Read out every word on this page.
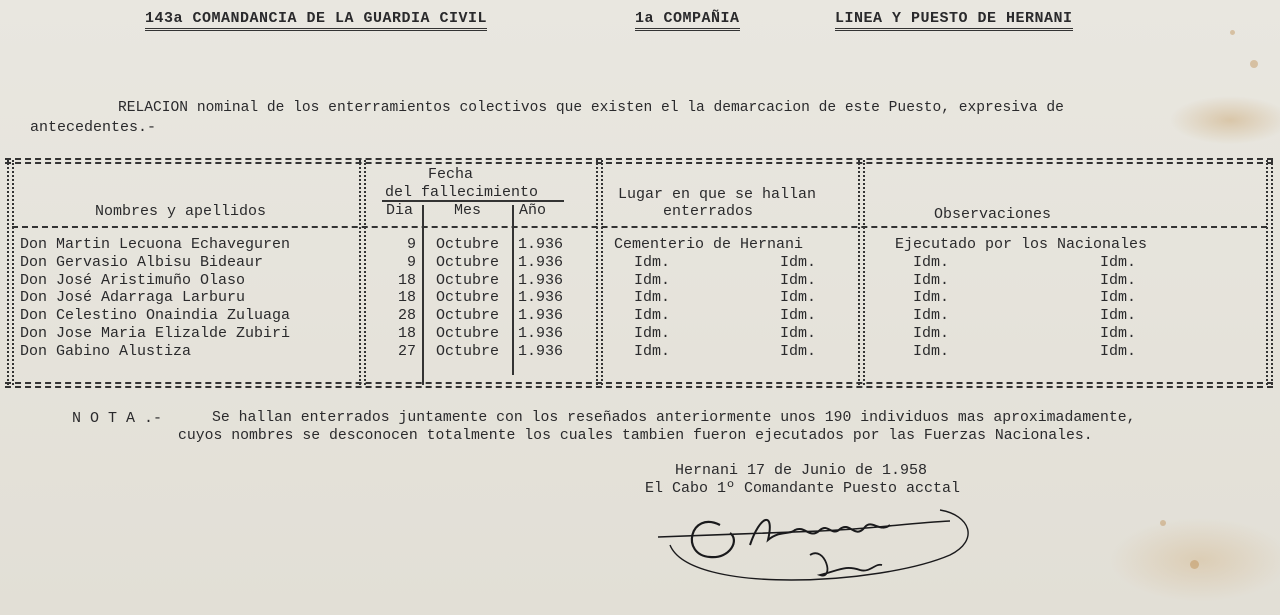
143a COMANDANCIA DE LA GUARDIA CIVIL	1a COMPAÑIA	LINEA Y PUESTO DE HERNANI
RELACION nominal de los enterramientos colectivos que existen el la demarcacion de este Puesto, expresiva de
antecedentes.-
Nombres y apellidos
Fecha
del fallecimiento
Dia	Mes	Año
Lugar en que se hallan
enterrados	Observaciones
Don Martin Lecuona Echaveguren	9 Octubre 1.936	Cementerio de Hernani	Ejecutado por los Nacionales
Don Gervasio Albisu Bideaur	9 Octubre 1.936	Idm.	Idm.	Idm.	Idm.
Don José Aristimuño Olaso	18 Octubre 1.936	Idm.	Idm.	Idm.	Idm.
Don José Adarraga Larburu	18 Octubre 1.936	Idm.	Idm.	Idm.	Idm.
Don Celestino Onaindia Zuluaga	28 Octubre 1.936	Idm.	Idm.	Idm.	Idm.
Don Jose Maria Elizalde Zubiri	18 Octubre 1.936	Idm.	Idm.	Idm.	Idm.
Don Gabino Alustiza	27 Octubre 1.936	Idm.	Idm.	Idm.	Idm.
N O T A .-	Se hallan enterrados juntamente con los reseñados anteriormente unos 190 individuos mas aproximadamente,
cuyos nombres se desconocen totalmente los cuales tambien fueron ejecutados por las Fuerzas Nacionales.
Hernani 17 de Junio de 1.958
El Cabo 1º Comandante Puesto acctal
